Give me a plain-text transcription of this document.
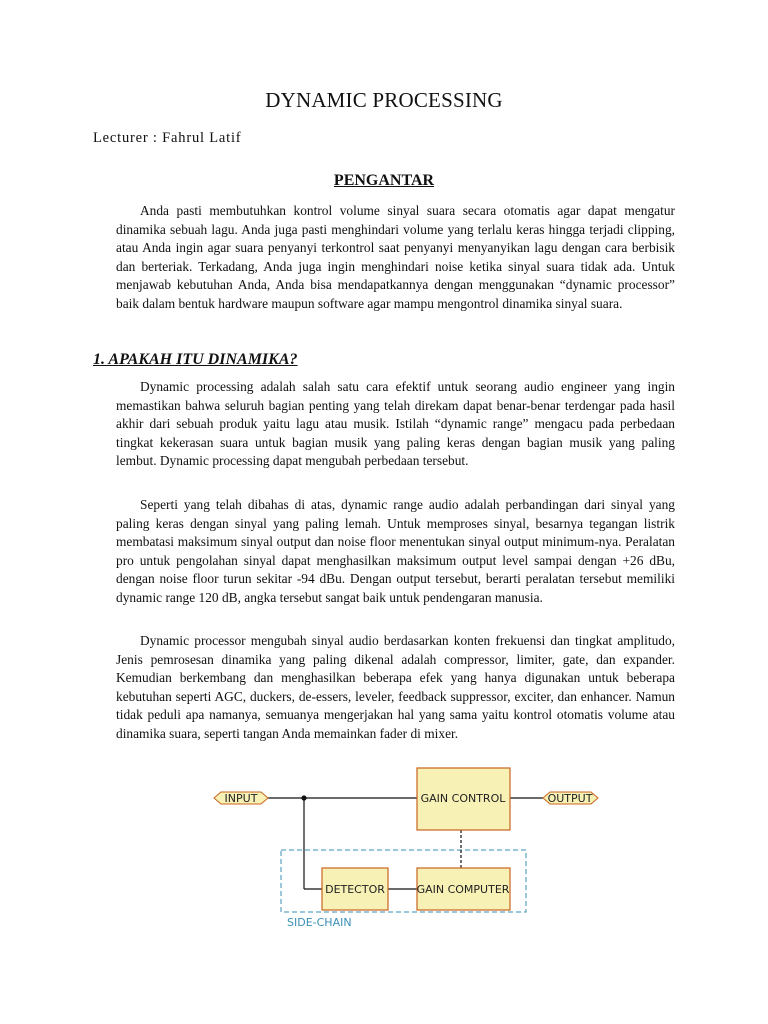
DYNAMIC PROCESSING
Lecturer : Fahrul Latif
PENGANTAR

Anda pasti membutuhkan kontrol volume sinyal suara secara otomatis agar dapat mengatur dinamika sebuah lagu. Anda juga pasti menghindari volume yang terlalu keras hingga terjadi clipping, atau Anda ingin agar suara penyanyi terkontrol saat penyanyi menyanyikan lagu dengan cara berbisik dan berteriak. Terkadang, Anda juga ingin menghindari noise ketika sinyal suara tidak ada. Untuk menjawab kebutuhan Anda, Anda bisa mendapatkannya dengan menggunakan “dynamic processor” baik dalam bentuk hardware maupun software agar mampu mengontrol dinamika sinyal suara.

1. APAKAH ITU DINAMIKA?

Dynamic processing adalah salah satu cara efektif untuk seorang audio engineer yang ingin memastikan bahwa seluruh bagian penting yang telah direkam dapat benar-benar terdengar pada hasil akhir dari sebuah produk yaitu lagu atau musik. Istilah “dynamic range” mengacu pada perbedaan tingkat kekerasan suara untuk bagian musik yang paling keras dengan bagian musik yang paling lembut. Dynamic processing dapat mengubah perbedaan tersebut.

Seperti yang telah dibahas di atas, dynamic range audio adalah perbandingan dari sinyal yang paling keras dengan sinyal yang paling lemah. Untuk memproses sinyal, besarnya tegangan listrik membatasi maksimum sinyal output dan noise floor menentukan sinyal output minimum-nya. Peralatan pro untuk pengolahan sinyal dapat menghasilkan maksimum output level sampai dengan +26 dBu, dengan noise floor turun sekitar -94 dBu. Dengan output tersebut, berarti peralatan tersebut memiliki dynamic range 120 dB, angka tersebut sangat baik untuk pendengaran manusia.

Dynamic processor mengubah sinyal audio berdasarkan konten frekuensi dan tingkat amplitudo, Jenis pemrosesan dinamika yang paling dikenal adalah compressor, limiter, gate, dan expander. Kemudian berkembang dan menghasilkan beberapa efek yang hanya digunakan untuk beberapa kebutuhan seperti AGC, duckers, de-essers, leveler, feedback suppressor, exciter, dan enhancer. Namun tidak peduli apa namanya, semuanya mengerjakan hal yang sama yaitu kontrol otomatis volume atau dinamika suara, seperti tangan Anda memainkan fader di mixer.

INPUT	GAIN CONTROL	OUTPUT
DETECTOR	GAIN COMPUTER
SIDE-CHAIN
